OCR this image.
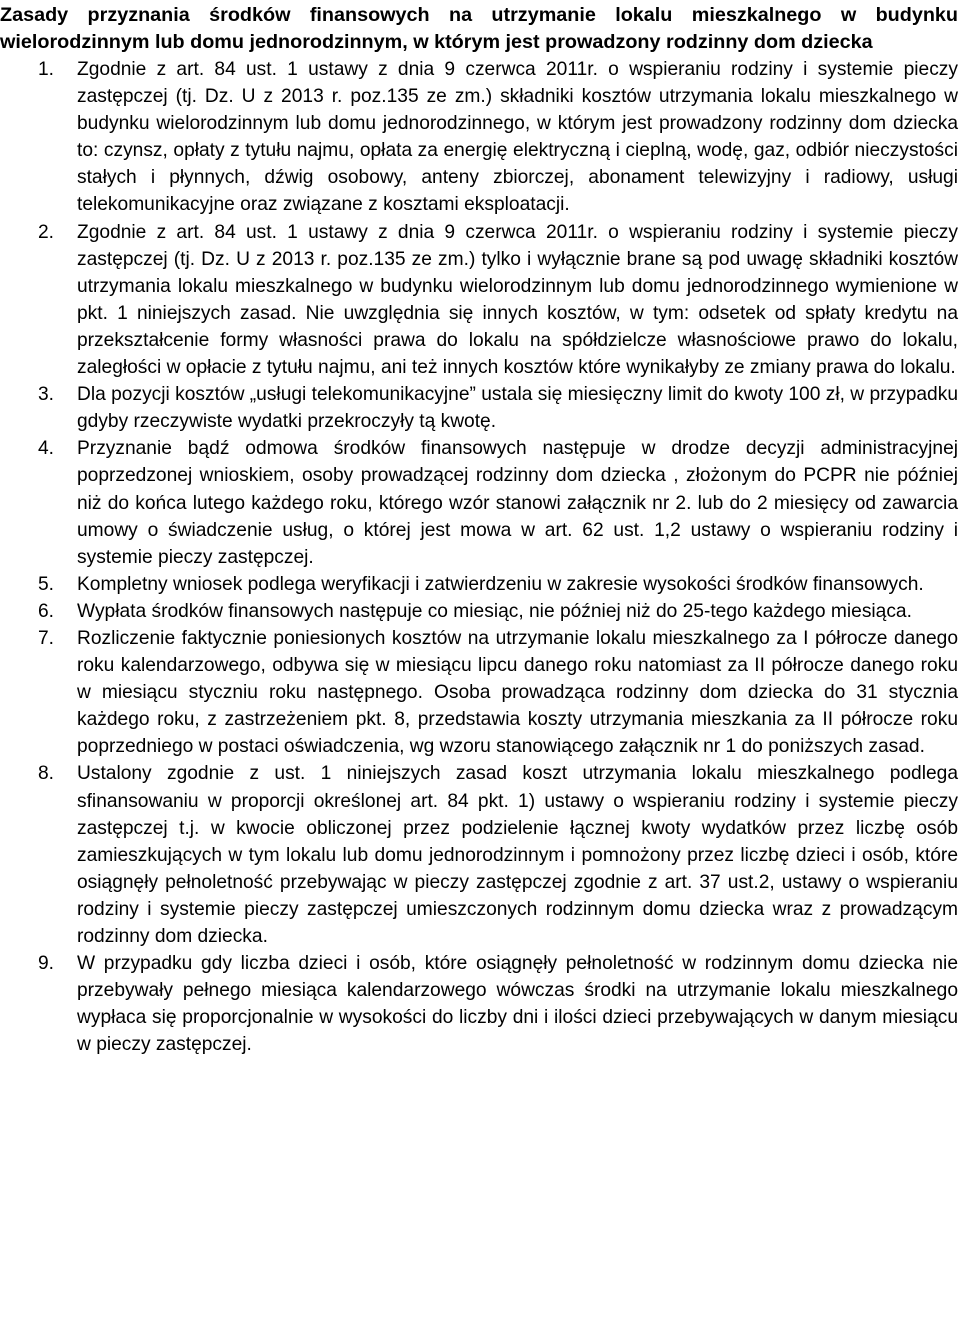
Zasady przyznania środków finansowych na utrzymanie lokalu mieszkalnego w budynku wielorodzinnym lub domu jednorodzinnym, w którym jest prowadzony rodzinny dom dziecka
1.	Zgodnie z art. 84 ust. 1 ustawy z dnia 9 czerwca 2011r. o wspieraniu rodziny i systemie pieczy zastępczej (tj. Dz. U z 2013 r. poz.135 ze zm.) składniki kosztów utrzymania lokalu mieszkalnego w budynku wielorodzinnym lub domu jednorodzinnego, w którym jest prowadzony rodzinny dom dziecka to: czynsz, opłaty z tytułu najmu, opłata za energię elektryczną i cieplną, wodę, gaz, odbiór nieczystości stałych i płynnych, dźwig osobowy, anteny zbiorczej, abonament telewizyjny i radiowy, usługi telekomunikacyjne oraz związane z kosztami eksploatacji.
2.	Zgodnie z art. 84 ust. 1 ustawy z dnia 9 czerwca 2011r. o wspieraniu rodziny i systemie pieczy zastępczej (tj. Dz. U z 2013 r. poz.135 ze zm.) tylko i wyłącznie brane są pod uwagę składniki kosztów utrzymania lokalu mieszkalnego w budynku wielorodzinnym lub domu jednorodzinnego wymienione w pkt. 1 niniejszych zasad. Nie uwzględnia się innych kosztów, w tym: odsetek od spłaty kredytu na przekształcenie formy własności prawa do lokalu na spółdzielcze własnościowe prawo do lokalu, zaległości w opłacie z tytułu najmu, ani też innych kosztów które wynikałyby ze zmiany prawa do lokalu.
3.	Dla pozycji kosztów „usługi telekomunikacyjne” ustala się miesięczny limit do kwoty 100 zł, w przypadku gdyby rzeczywiste wydatki przekroczyły tą kwotę.
4.	Przyznanie bądź odmowa środków finansowych następuje w drodze decyzji administracyjnej poprzedzonej wnioskiem, osoby prowadzącej rodzinny dom dziecka , złożonym do PCPR nie później niż do końca lutego każdego roku, którego wzór stanowi załącznik nr 2. lub do 2 miesięcy od zawarcia umowy o świadczenie usług, o której jest mowa w art. 62 ust. 1,2 ustawy o wspieraniu rodziny i systemie pieczy zastępczej.
5.	Kompletny wniosek podlega weryfikacji i zatwierdzeniu w zakresie wysokości środków finansowych.
6.	Wypłata środków finansowych następuje co miesiąc, nie później niż do 25-tego każdego miesiąca.
7.	Rozliczenie faktycznie poniesionych kosztów na utrzymanie lokalu mieszkalnego za I półrocze danego roku kalendarzowego, odbywa się w miesiącu lipcu danego roku natomiast za II półrocze danego roku w miesiącu styczniu roku następnego. Osoba prowadząca rodzinny dom dziecka do 31 stycznia każdego roku, z zastrzeżeniem pkt. 8, przedstawia koszty utrzymania mieszkania za II półrocze roku poprzedniego w postaci oświadczenia, wg wzoru stanowiącego załącznik nr 1 do poniższych zasad.
8.	Ustalony zgodnie z ust. 1 niniejszych zasad koszt utrzymania lokalu mieszkalnego podlega sfinansowaniu w proporcji określonej art. 84 pkt. 1) ustawy o wspieraniu rodziny i systemie pieczy zastępczej t.j. w kwocie obliczonej przez podzielenie łącznej kwoty wydatków przez liczbę osób zamieszkujących w tym lokalu lub domu jednorodzinnym i pomnożony przez liczbę dzieci i osób, które osiągnęły pełnoletność przebywając w pieczy zastępczej zgodnie z art. 37 ust.2, ustawy o wspieraniu rodziny i systemie pieczy zastępczej umieszczonych rodzinnym domu dziecka wraz z prowadzącym rodzinny dom dziecka.
9.	W przypadku gdy liczba dzieci i osób, które osiągnęły pełnoletność w rodzinnym domu dziecka nie przebywały pełnego miesiąca kalendarzowego wówczas środki na utrzymanie lokalu mieszkalnego wypłaca się proporcjonalnie w wysokości do liczby dni i ilości dzieci przebywających w danym miesiącu w pieczy zastępczej.
